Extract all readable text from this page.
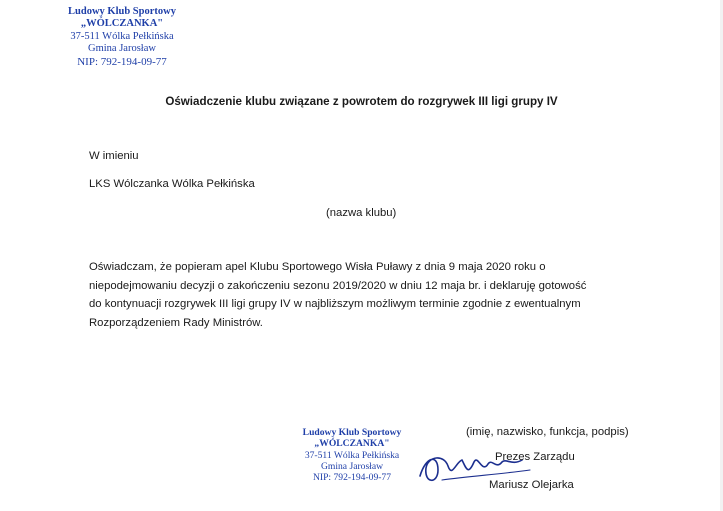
Ludowy Klub Sportowy
„WÓLCZANKA"
37-511 Wólka Pełkińska
Gmina Jarosław
NIP: 792-194-09-77
Oświadczenie klubu związane z powrotem do rozgrywek III ligi grupy IV
W imieniu
LKS Wólczanka Wólka Pełkińska
(nazwa klubu)
Oświadczam, że popieram apel Klubu Sportowego Wisła Puławy z dnia 9 maja 2020 roku o
niepodejmowaniu decyzji o zakończeniu sezonu 2019/2020 w dniu 12 maja br. i deklaruję gotowość
do kontynuacji rozgrywek III ligi grupy IV w najbliższym możliwym terminie zgodnie z ewentualnym
Rozporządzeniem Rady Ministrów.
(imię, nazwisko, funkcja, podpis)
Ludowy Klub Sportowy
„WÓLCZANKA"
37-511 Wólka Pełkińska
Gmina Jarosław
NIP: 792-194-09-77
Prezes Zarządu
Mariusz Olejarka
